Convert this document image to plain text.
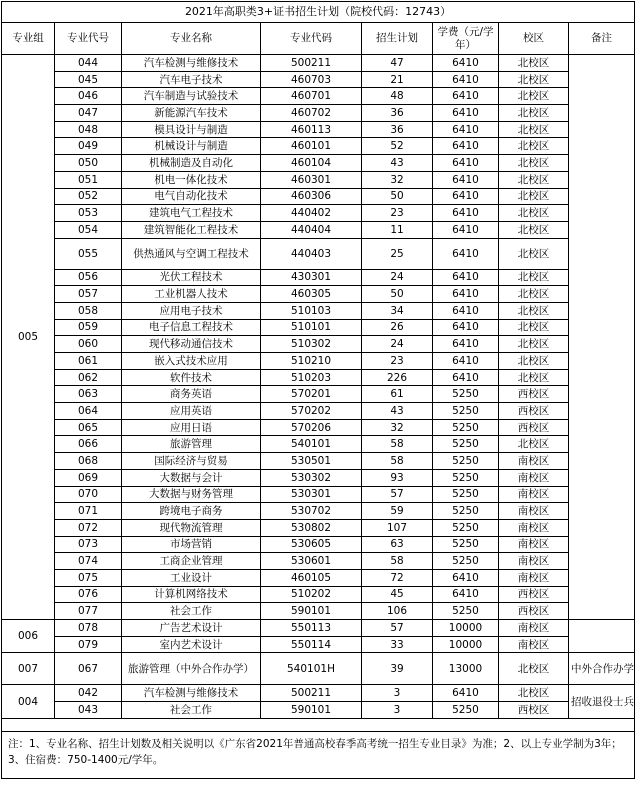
2021年高职类3+证书招生计划（院校代码：12743）							
专业组	专业代号	专业名称	专业代码	招生计划	学费（元/学年）	校区	备注
005	044	汽车检测与维修技术	500211	47	6410	北校区	
	045	汽车电子技术	460703	21	6410	北校区	
	046	汽车制造与试验技术	460701	48	6410	北校区	
	047	新能源汽车技术	460702	36	6410	北校区	
	048	模具设计与制造	460113	36	6410	北校区	
	049	机械设计与制造	460101	52	6410	北校区	
	050	机械制造及自动化	460104	43	6410	北校区	
	051	机电一体化技术	460301	32	6410	北校区	
	052	电气自动化技术	460306	50	6410	北校区	
	053	建筑电气工程技术	440402	23	6410	北校区	
	054	建筑智能化工程技术	440404	11	6410	北校区	
	055	供热通风与空调工程技术	440403	25	6410	北校区	
	056	光伏工程技术	430301	24	6410	北校区	
	057	工业机器人技术	460305	50	6410	北校区	
	058	应用电子技术	510103	34	6410	北校区	
	059	电子信息工程技术	510101	26	6410	北校区	
	060	现代移动通信技术	510302	24	6410	北校区	
	061	嵌入式技术应用	510210	23	6410	北校区	
	062	软件技术	510203	226	6410	北校区	
	063	商务英语	570201	61	5250	西校区	
	064	应用英语	570202	43	5250	西校区	
	065	应用日语	570206	32	5250	西校区	
	066	旅游管理	540101	58	5250	北校区	
	068	国际经济与贸易	530501	58	5250	南校区	
	069	大数据与会计	530302	93	5250	南校区	
	070	大数据与财务管理	530301	57	5250	南校区	
	071	跨境电子商务	530702	59	5250	南校区	
	072	现代物流管理	530802	107	5250	南校区	
	073	市场营销	530605	63	5250	南校区	
	074	工商企业管理	530601	58	5250	南校区	
	075	工业设计	460105	72	6410	南校区	
	076	计算机网络技术	510202	45	6410	西校区	
	077	社会工作	590101	106	5250	西校区	
006	078	广告艺术设计	550113	57	10000	南校区	
	079	室内艺术设计	550114	33	10000	南校区	
007	067	旅游管理（中外合作办学）	540101H	39	13000	北校区	中外合作办学
004	042	汽车检测与维修技术	500211	3	6410	北校区	招收退役士兵
	043	社会工作	590101	3	5250	西校区	

注：1、专业名称、招生计划数及相关说明以《广东省2021年普通高校春季高考统一招生专业目录》为准；2、以上专业学制为3年；3、住宿费：750-1400元/学年。							
